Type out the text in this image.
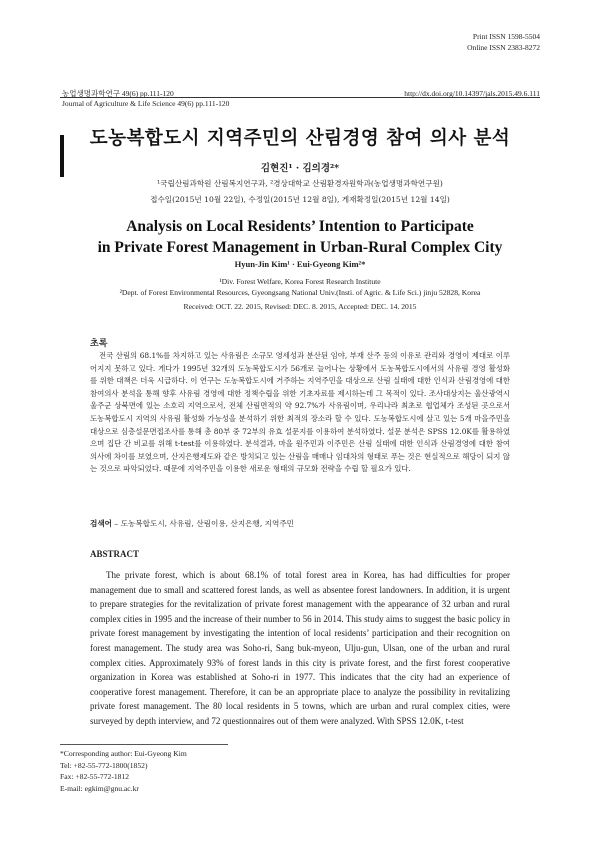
Print ISSN 1598-5504
Online ISSN 2383-8272
농업생명과학연구 49(6) pp.111-120
Journal of Agriculture & Life Science 49(6) pp.111-120
http://dx.doi.org/10.14397/jals.2015.49.6.111
도농복합도시 지역주민의 산림경영 참여 의사 분석
김현진¹ · 김의경²*
¹국립산림과학원 산림복지연구과, ²경상대학교 산림환경자원학과(농업생명과학연구원)
접수일(2015년 10월 22일), 수정일(2015년 12월 8일), 게재확정일(2015년 12월 14일)
Analysis on Local Residents’ Intention to Participate
in Private Forest Management in Urban-Rural Complex City
Hyun-Jin Kim¹ · Eui-Gyeong Kim²*
¹Div. Forest Welfare, Korea Forest Research Institute
²Dept. of Forest Environmental Resources, Gyeongsang National Univ.(Insti. of Agric. & Life Sci.) jinju 52828, Korea
Received: OCT. 22. 2015, Revised: DEC. 8. 2015, Accepted: DEC. 14. 2015
초록
전국 산림의 68.1%를 차지하고 있는 사유림은 소규모 영세성과 분산된 임야, 부재 산주 등의 이유로 관리와 경영이 제대로 이루어지지 못하고 있다. 게다가 1995년 32개의 도농복합도시가 56개로 늘어나는 상황에서 도농복합도시에서의 사유림 경영 활성화를 위한 대책은 더욱 시급하다. 이 연구는 도농복합도시에 거주하는 지역주민을 대상으로 산림 실태에 대한 인식과 산림경영에 대한 참여의사 분석을 통해 향후 사유림 경영에 대한 정책수립을 위한 기초자료를 제시하는데 그 목적이 있다. 조사대상지는 울산광역시 울주군 상북면에 있는 소호리 지역으로서, 전체 산림면적의 약 92.7%가 사유림이며, 우리나라 최초로 협업체가 조성된 곳으로서 도농복합도시 지역의 사유림 활성화 가능성을 분석하기 위한 최적의 장소라 할 수 있다. 도농복합도시에 살고 있는 5개 마을주민을 대상으로 심층설문면접조사를 통해 총 80부 중 72부의 유효 설문지를 이용하여 분석하였다. 설문 분석은 SPSS 12.0K를 활용하였으며 집단 간 비교를 위해 t-test를 이용하였다. 분석결과, 마을 원주민과 이주민은 산림 실태에 대한 인식과 산림경영에 대한 참여의사에 차이를 보였으며, 산지은행제도와 같은 방치되고 있는 산림을 매매나 임대차의 형태로 푸는 것은 현실적으로 해당이 되지 않는 것으로 파악되었다. 때문에 지역주민을 이용한 새로운 형태의 규모화 전략을 수립 할 필요가 있다.
검색어 – 도농복합도시, 사유림, 산림이용, 산지은행, 지역주민
ABSTRACT
The private forest, which is about 68.1% of total forest area in Korea, has had difficulties for proper management due to small and scattered forest lands, as well as absentee forest landowners. In addition, it is urgent to prepare strategies for the revitalization of private forest management with the appearance of 32 urban and rural complex cities in 1995 and the increase of their number to 56 in 2014. This study aims to suggest the basic policy in private forest management by investigating the intention of local residents’ participation and their recognition on forest management. The study area was Soho-ri, Sang buk-myeon, Ulju-gun, Ulsan, one of the urban and rural complex cities. Approximately 93% of forest lands in this city is private forest, and the first forest cooperative organization in Korea was established at Soho-ri in 1977. This indicates that the city had an experience of cooperative forest management. Therefore, it can be an appropriate place to analyze the possibility in revitalizing private forest management. The 80 local residents in 5 towns, which are urban and rural complex cities, were surveyed by depth interview, and 72 questionnaires out of them were analyzed. With SPSS 12.0K, t-test
*Corresponding author: Eui-Gyeong Kim
Tel: +82-55-772-1800(1852)
Fax: +82-55-772-1812
E-mail: egkim@gnu.ac.kr
